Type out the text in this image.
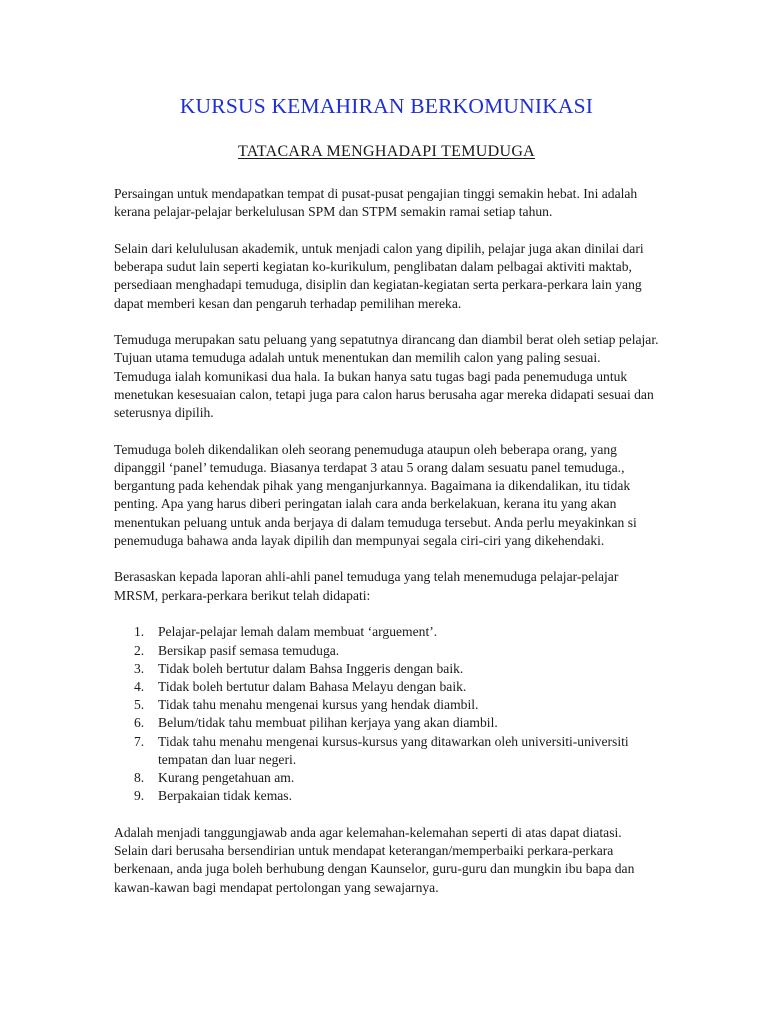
KURSUS KEMAHIRAN BERKOMUNIKASI
TATACARA MENGHADAPI TEMUDUGA

Persaingan untuk mendapatkan tempat di pusat-pusat pengajian tinggi semakin hebat. Ini adalah kerana pelajar-pelajar berkelulusan SPM dan STPM semakin ramai setiap tahun.

Selain dari kelululusan akademik, untuk menjadi calon yang dipilih, pelajar juga akan dinilai dari beberapa sudut lain seperti kegiatan ko-kurikulum, penglibatan dalam pelbagai aktiviti maktab, persediaan menghadapi temuduga, disiplin dan kegiatan-kegiatan serta perkara-perkara lain yang dapat memberi kesan dan pengaruh terhadap pemilihan mereka.

Temuduga merupakan satu peluang yang sepatutnya dirancang dan diambil berat oleh setiap pelajar. Tujuan utama temuduga adalah untuk menentukan dan memilih calon yang paling sesuai. Temuduga ialah komunikasi dua hala. Ia bukan hanya satu tugas bagi pada penemuduga untuk menetukan kesesuaian calon, tetapi juga para calon harus berusaha agar mereka didapati sesuai dan seterusnya dipilih.

Temuduga boleh dikendalikan oleh seorang penemuduga ataupun oleh beberapa orang, yang dipanggil ‘panel’ temuduga. Biasanya terdapat 3 atau 5 orang dalam sesuatu panel temuduga., bergantung pada kehendak pihak yang menganjurkannya. Bagaimana ia dikendalikan, itu tidak penting. Apa yang harus diberi peringatan ialah cara anda berkelakuan, kerana itu yang akan menentukan peluang untuk anda berjaya di dalam temuduga tersebut. Anda perlu meyakinkan si penemuduga bahawa anda layak dipilih dan mempunyai segala ciri-ciri yang dikehendaki.

Berasaskan kepada laporan ahli-ahli panel temuduga yang telah menemuduga pelajar-pelajar MRSM, perkara-perkara berikut telah didapati:

1. Pelajar-pelajar lemah dalam membuat ‘arguement’.
2. Bersikap pasif semasa temuduga.
3. Tidak boleh bertutur dalam Bahsa Inggeris dengan baik.
4. Tidak boleh bertutur dalam Bahasa Melayu dengan baik.
5. Tidak tahu menahu mengenai kursus yang hendak diambil.
6. Belum/tidak tahu membuat pilihan kerjaya yang akan diambil.
7. Tidak tahu menahu mengenai kursus-kursus yang ditawarkan oleh universiti-universiti tempatan dan luar negeri.
8. Kurang pengetahuan am.
9. Berpakaian tidak kemas.

Adalah menjadi tanggungjawab anda agar kelemahan-kelemahan seperti di atas dapat diatasi. Selain dari berusaha bersendirian untuk mendapat keterangan/memperbaiki perkara-perkara berkenaan, anda juga boleh berhubung dengan Kaunselor, guru-guru dan mungkin ibu bapa dan kawan-kawan bagi mendapat pertolongan yang sewajarnya.
